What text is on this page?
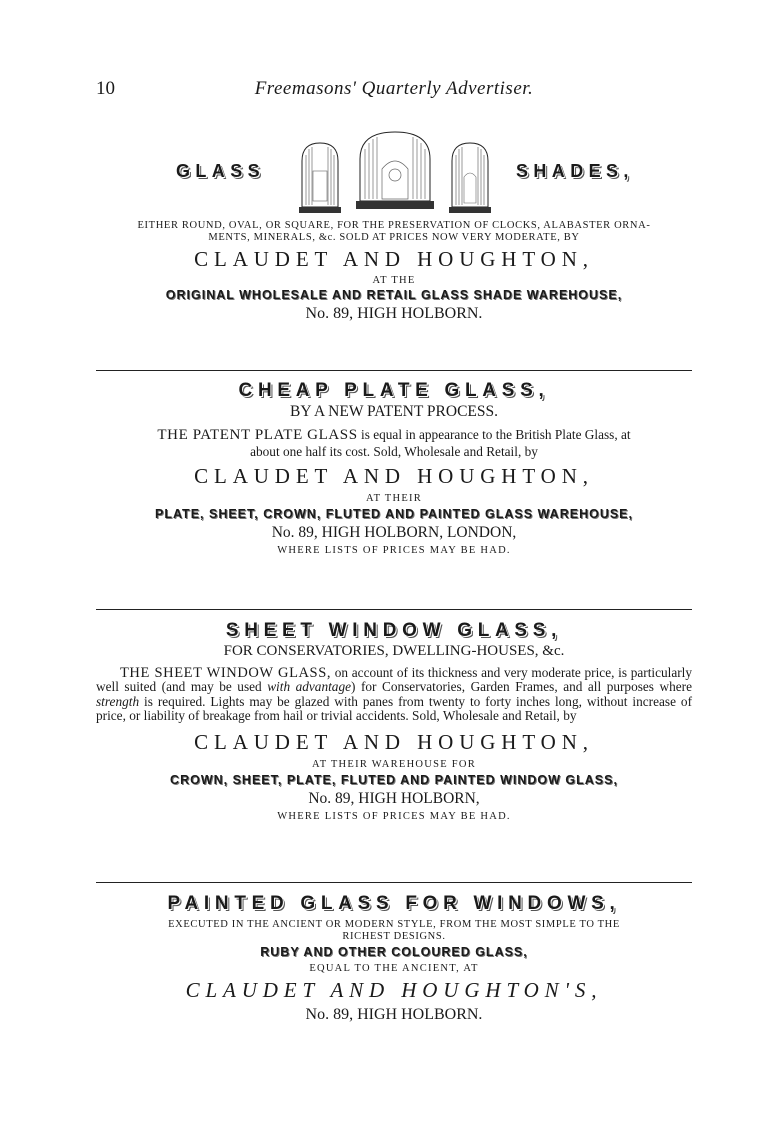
10	Freemasons' Quarterly Advertiser.
GLASS	SHADES,
EITHER ROUND, OVAL, OR SQUARE, FOR THE PRESERVATION OF CLOCKS, ALABASTER ORNA-
MENTS, MINERALS, &c. SOLD AT PRICES NOW VERY MODERATE, BY
CLAUDET AND HOUGHTON,
AT THE
ORIGINAL WHOLESALE AND RETAIL GLASS SHADE WAREHOUSE,
No. 89, HIGH HOLBORN.
CHEAP PLATE GLASS,
BY A NEW PATENT PROCESS.
THE PATENT PLATE GLASS is equal in appearance to the British Plate Glass, at
about one half its cost. Sold, Wholesale and Retail, by
CLAUDET AND HOUGHTON,
AT THEIR
PLATE, SHEET, CROWN, FLUTED AND PAINTED GLASS WAREHOUSE,
No. 89, HIGH HOLBORN, LONDON,
WHERE LISTS OF PRICES MAY BE HAD.
SHEET WINDOW GLASS,
FOR CONSERVATORIES, DWELLING-HOUSES, &c.
THE SHEET WINDOW GLASS, on account of its thickness and very moderate price, is particularly well suited (and may be used with advantage) for Conservatories, Garden Frames, and all purposes where strength is required. Lights may be glazed with panes from twenty to forty inches long, without increase of price, or liability of breakage from hail or trivial accidents. Sold, Wholesale and Retail, by
CLAUDET AND HOUGHTON,
AT THEIR WAREHOUSE FOR
CROWN, SHEET, PLATE, FLUTED AND PAINTED WINDOW GLASS,
No. 89, HIGH HOLBORN,
WHERE LISTS OF PRICES MAY BE HAD.
PAINTED GLASS FOR WINDOWS,
EXECUTED IN THE ANCIENT OR MODERN STYLE, FROM THE MOST SIMPLE TO THE
RICHEST DESIGNS.
RUBY AND OTHER COLOURED GLASS,
EQUAL TO THE ANCIENT, AT
CLAUDET AND HOUGHTON'S,
No. 89, HIGH HOLBORN.
